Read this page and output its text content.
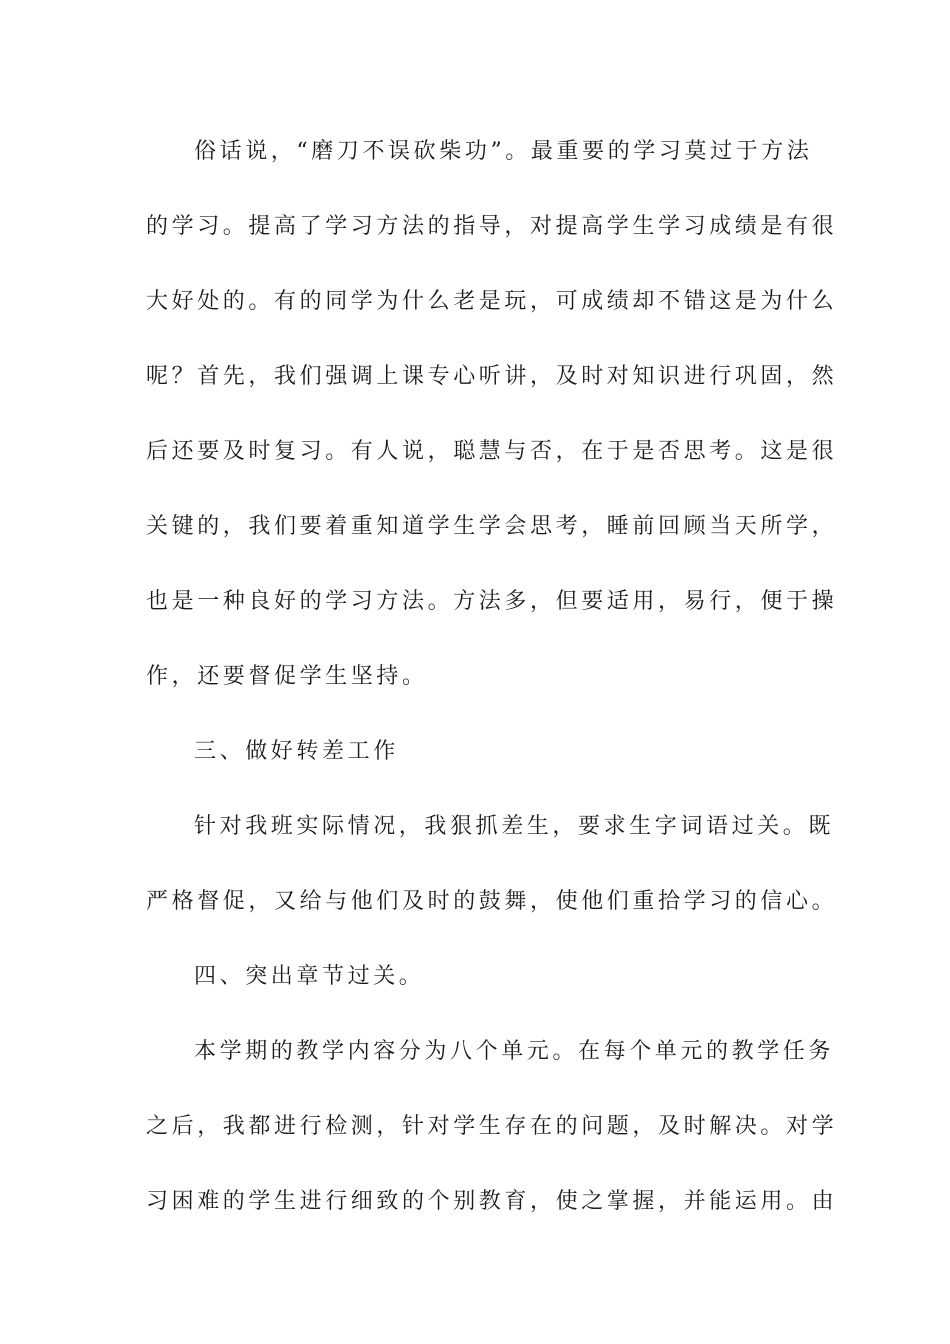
俗话说，“磨刀不误砍柴功”。最重要的学习莫过于方法
的学习。提高了学习方法的指导，对提高学生学习成绩是有很
大好处的。有的同学为什么老是玩，可成绩却不错这是为什么
呢？首先，我们强调上课专心听讲，及时对知识进行巩固，然
后还要及时复习。有人说，聪慧与否，在于是否思考。这是很
关键的，我们要着重知道学生学会思考，睡前回顾当天所学，
也是一种良好的学习方法。方法多，但要适用，易行，便于操
作，还要督促学生坚持。
三、做好转差工作
针对我班实际情况，我狠抓差生，要求生字词语过关。既
严格督促，又给与他们及时的鼓舞，使他们重拾学习的信心。
四、突出章节过关。
本学期的教学内容分为八个单元。在每个单元的教学任务
之后，我都进行检测，针对学生存在的问题，及时解决。对学
习困难的学生进行细致的个别教育，使之掌握，并能运用。由
